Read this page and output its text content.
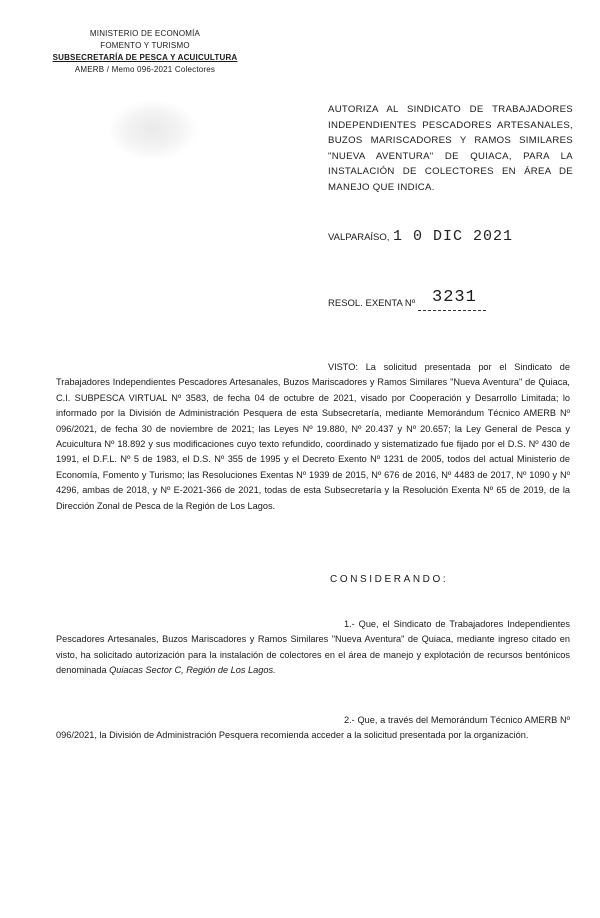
MINISTERIO DE ECONOMÍA
FOMENTO Y TURISMO
SUBSECRETARÍA DE PESCA Y ACUICULTURA
AMERB / Memo 096-2021 Colectores
AUTORIZA AL SINDICATO DE TRABAJADORES INDEPENDIENTES PESCADORES ARTESANALES, BUZOS MARISCADORES Y RAMOS SIMILARES "NUEVA AVENTURA" DE QUIACA, PARA LA INSTALACIÓN DE COLECTORES EN ÁREA DE MANEJO QUE INDICA.
VALPARAÍSO, 1 0 DIC 2021
RESOL. EXENTA Nº 3231
VISTO: La solicitud presentada por el Sindicato de Trabajadores Independientes Pescadores Artesanales, Buzos Mariscadores y Ramos Similares "Nueva Aventura" de Quiaca, C.I. SUBPESCA VIRTUAL Nº 3583, de fecha 04 de octubre de 2021, visado por Cooperación y Desarrollo Limitada; lo informado por la División de Administración Pesquera de esta Subsecretaría, mediante Memorándum Técnico AMERB Nº 096/2021, de fecha 30 de noviembre de 2021; las Leyes Nº 19.880, Nº 20.437 y Nº 20.657; la Ley General de Pesca y Acuicultura Nº 18.892 y sus modificaciones cuyo texto refundido, coordinado y sistematizado fue fijado por el D.S. Nº 430 de 1991, el D.F.L. Nº 5 de 1983, el D.S. Nº 355 de 1995 y el Decreto Exento Nº 1231 de 2005, todos del actual Ministerio de Economía, Fomento y Turismo; las Resoluciones Exentas Nº 1939 de 2015, Nº 676 de 2016, Nº 4483 de 2017, Nº 1090 y Nº 4296, ambas de 2018, y Nº E-2021-366 de 2021, todas de esta Subsecretaría y la Resolución Exenta Nº 65 de 2019, de la Dirección Zonal de Pesca de la Región de Los Lagos.
CONSIDERANDO:
1.- Que, el Sindicato de Trabajadores Independientes Pescadores Artesanales, Buzos Mariscadores y Ramos Similares "Nueva Aventura" de Quiaca, mediante ingreso citado en visto, ha solicitado autorización para la instalación de colectores en el área de manejo y explotación de recursos bentónicos denominada Quiacas Sector C, Región de Los Lagos.
2.- Que, a través del Memorándum Técnico AMERB Nº 096/2021, la División de Administración Pesquera recomienda acceder a la solicitud presentada por la organización.
